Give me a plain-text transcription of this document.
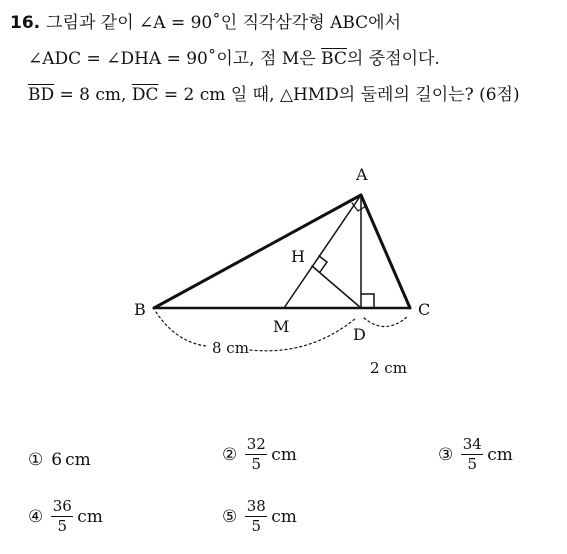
16. 그림과 같이 ∠A = 90˚인 직각삼각형 ABC에서
∠ADC = ∠DHA = 90˚이고, 점 M은 $\overline{BC}$의 중점이다.
$\overline{BD} = 8$ cm, $\overline{DC} = 2$ cm 일 때, △HMD의 둘레의 길이는? (6점)
A
B	C
D
M
H
8 cm
2 cm
① 6 cm	② $\frac{32}{5}$ cm	③ $\frac{34}{5}$ cm
④ $\frac{36}{5}$ cm	⑤ $\frac{38}{5}$ cm
